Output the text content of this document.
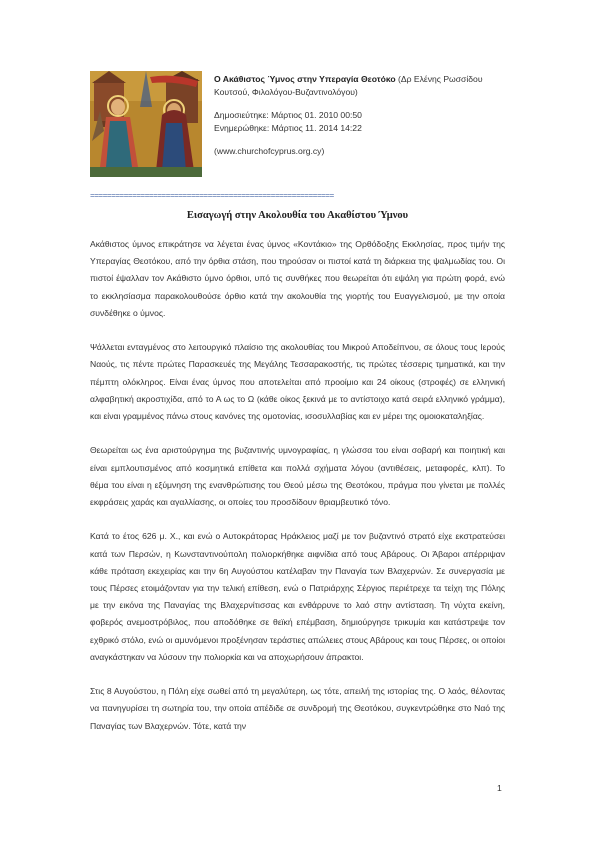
Ο Ακάθιστος Ύμνος στην Υπεραγία Θεοτόκο (Δρ Ελένης Ρωσσίδου Κουτσού, Φιλολόγου-Βυζαντινολόγου)
Δημοσιεύτηκε: Μάρτιος 01. 2010 00:50
Ενημερώθηκε: Μάρτιος 11. 2014 14:22
(www.churchofcyprus.org.cy)
==========================================================
Εισαγωγή στην Ακολουθία του Ακαθίστου Ύμνου

Ακάθιστος ύμνος επικράτησε να λέγεται ένας ύμνος «Κοντάκιο» της Ορθόδοξης Εκκλησίας, προς τιμήν της Υπεραγίας Θεοτόκου, από την όρθια στάση, που τηρούσαν οι πιστοί κατά τη διάρκεια της ψαλμωδίας του. Οι πιστοί έψαλλαν τον Ακάθιστο ύμνο όρθιοι, υπό τις συνθήκες που θεωρείται ότι εψάλη για πρώτη φορά, ενώ το εκκλησίασμα παρακολουθούσε όρθιο κατά την ακολουθία της γιορτής του Ευαγγελισμού, με την οποία συνδέθηκε ο ύμνος.

Ψάλλεται ενταγμένος στο λειτουργικό πλαίσιο της ακολουθίας του Μικρού Αποδείπνου, σε όλους τους Ιερούς Ναούς, τις πέντε πρώτες Παρασκευές της Μεγάλης Τεσσαρακοστής, τις πρώτες τέσσερις τμηματικά, και την πέμπτη ολόκληρος. Είναι ένας ύμνος που αποτελείται από προοίμιο και 24 οίκους (στροφές) σε ελληνική αλφαβητική ακροστιχίδα, από το Α ως το Ω (κάθε οίκος ξεκινά με το αντίστοιχο κατά σειρά ελληνικό γράμμα), και είναι γραμμένος πάνω στους κανόνες της ομοτονίας, ισοσυλλαβίας και εν μέρει της ομοιοκαταληξίας.

Θεωρείται ως ένα αριστούργημα της βυζαντινής υμνογραφίας, η γλώσσα του είναι σοβαρή και ποιητική και είναι εμπλουτισμένος από κοσμητικά επίθετα και πολλά σχήματα λόγου (αντιθέσεις, μεταφορές, κλπ). Το θέμα του είναι η εξύμνηση της ενανθρώπισης του Θεού μέσω της Θεοτόκου, πράγμα που γίνεται με πολλές εκφράσεις χαράς και αγαλλίασης, οι οποίες του προσδίδουν θριαμβευτικό τόνο.

Κατά το έτος 626 μ. Χ., και ενώ ο Αυτοκράτορας Ηράκλειος μαζί με τον βυζαντινό στρατό είχε εκστρατεύσει κατά των Περσών, η Κωνσταντινούπολη πολιορκήθηκε αιφνίδια από τους Αβάρους. Οι Άβαροι απέρριψαν κάθε πρόταση εκεχειρίας και την 6η Αυγούστου κατέλαβαν την Παναγία των Βλαχερνών. Σε συνεργασία με τους Πέρσες ετοιμάζονταν για την τελική επίθεση, ενώ ο Πατριάρχης Σέργιος περιέτρεχε τα τείχη της Πόλης με την εικόνα της Παναγίας της Βλαχερνίτισσας και ενθάρρυνε το λαό στην αντίσταση. Τη νύχτα εκείνη, φοβερός ανεμοστρόβιλος, που αποδόθηκε σε θεϊκή επέμβαση, δημιούργησε τρικυμία και κατάστρεψε τον εχθρικό στόλο, ενώ οι αμυνόμενοι προξένησαν τεράστιες απώλειες στους Αβάρους και τους Πέρσες, οι οποίοι αναγκάστηκαν να λύσουν την πολιορκία και να αποχωρήσουν άπρακτοι.

Στις 8 Αυγούστου, η Πόλη είχε σωθεί από τη μεγαλύτερη, ως τότε, απειλή της ιστορίας της. Ο λαός, θέλοντας να πανηγυρίσει τη σωτηρία του, την οποία απέδιδε σε συνδρομή της Θεοτόκου, συγκεντρώθηκε στο Ναό της Παναγίας των Βλαχερνών. Τότε, κατά την

1
